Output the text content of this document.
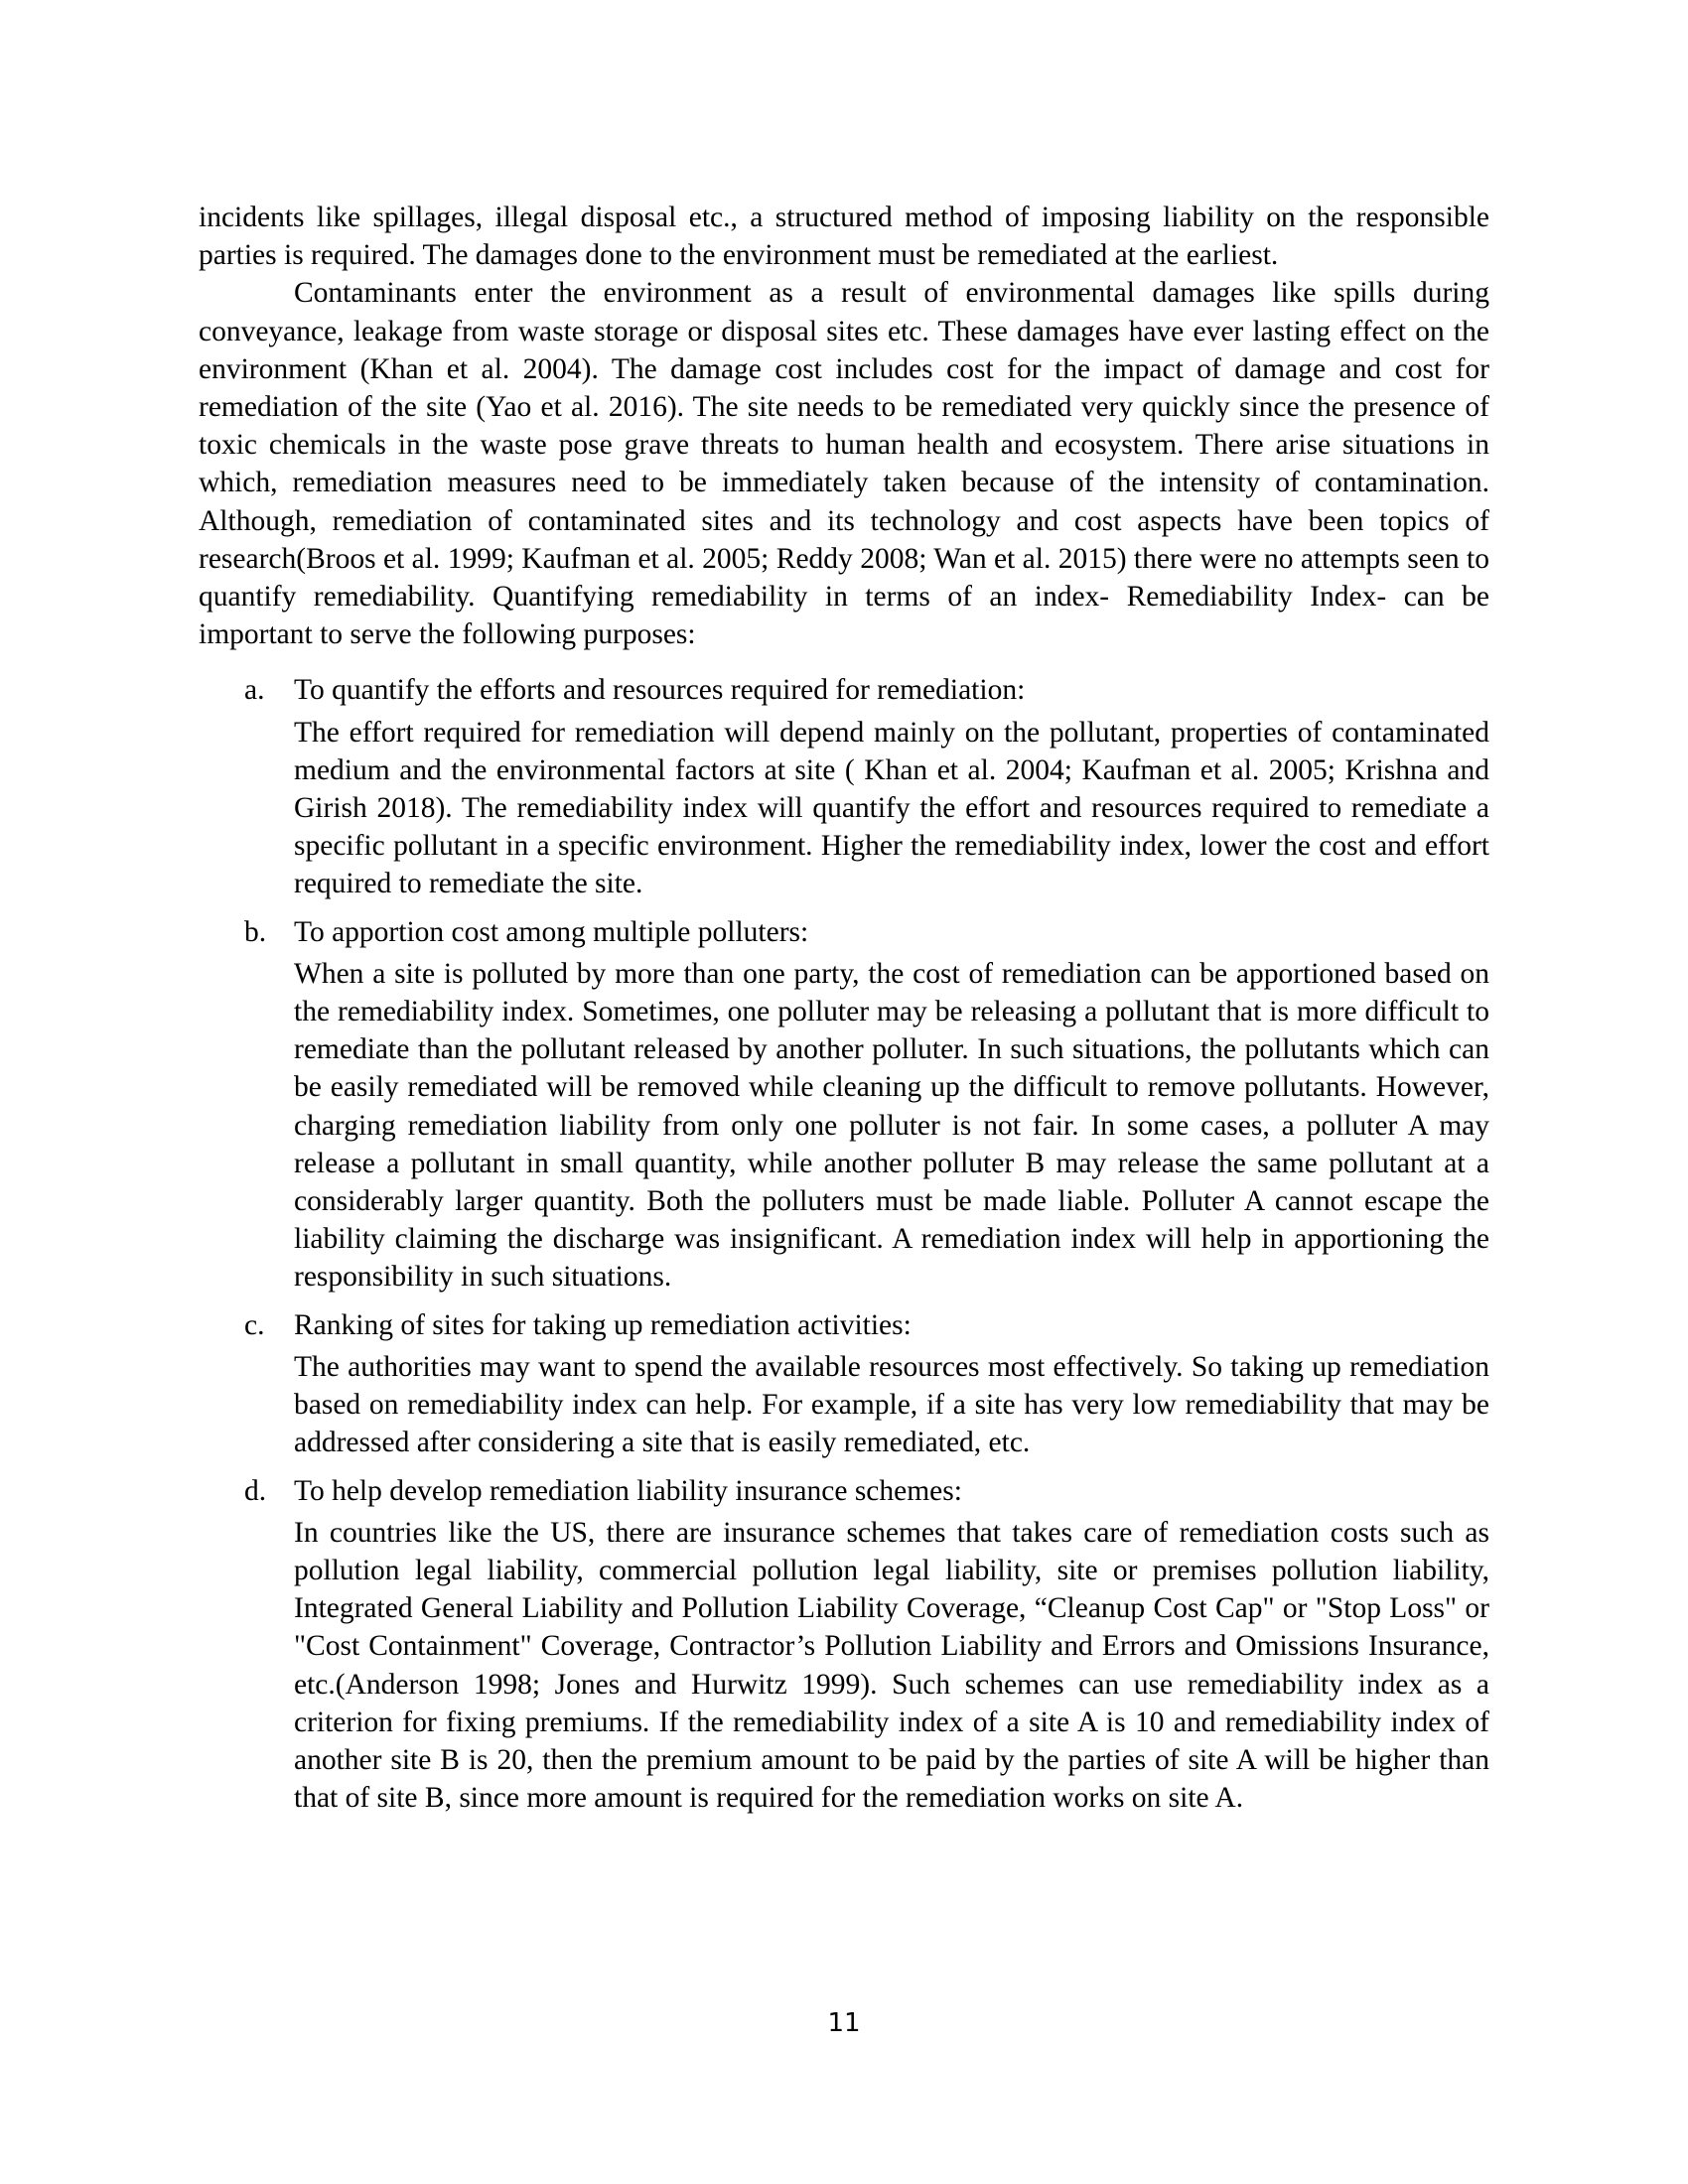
incidents like spillages, illegal disposal etc., a structured method of imposing liability on the responsible parties is required. The damages done to the environment must be remediated at the earliest.

Contaminants enter the environment as a result of environmental damages like spills during conveyance, leakage from waste storage or disposal sites etc. These damages have ever lasting effect on the environment (Khan et al. 2004). The damage cost includes cost for the impact of damage and cost for remediation of the site (Yao et al. 2016). The site needs to be remediated very quickly since the presence of toxic chemicals in the waste pose grave threats to human health and ecosystem. There arise situations in which, remediation measures need to be immediately taken because of the intensity of contamination. Although, remediation of contaminated sites and its technology and cost aspects have been topics of research(Broos et al. 1999; Kaufman et al. 2005; Reddy 2008; Wan et al. 2015) there were no attempts seen to quantify remediability. Quantifying remediability in terms of an index- Remediability Index- can be important to serve the following purposes:

a. To quantify the efforts and resources required for remediation:

The effort required for remediation will depend mainly on the pollutant, properties of contaminated medium and the environmental factors at site ( Khan et al. 2004; Kaufman et al. 2005; Krishna and Girish 2018). The remediability index will quantify the effort and resources required to remediate a specific pollutant in a specific environment. Higher the remediability index, lower the cost and effort required to remediate the site.

b. To apportion cost among multiple polluters:

When a site is polluted by more than one party, the cost of remediation can be apportioned based on the remediability index. Sometimes, one polluter may be releasing a pollutant that is more difficult to remediate than the pollutant released by another polluter. In such situations, the pollutants which can be easily remediated will be removed while cleaning up the difficult to remove pollutants. However, charging remediation liability from only one polluter is not fair. In some cases, a polluter A may release a pollutant in small quantity, while another polluter B may release the same pollutant at a considerably larger quantity. Both the polluters must be made liable. Polluter A cannot escape the liability claiming the discharge was insignificant. A remediation index will help in apportioning the responsibility in such situations.

c. Ranking of sites for taking up remediation activities:

The authorities may want to spend the available resources most effectively. So taking up remediation based on remediability index can help. For example, if a site has very low remediability that may be addressed after considering a site that is easily remediated, etc.

d. To help develop remediation liability insurance schemes:

In countries like the US, there are insurance schemes that takes care of remediation costs such as pollution legal liability, commercial pollution legal liability, site or premises pollution liability, Integrated General Liability and Pollution Liability Coverage, “Cleanup Cost Cap" or "Stop Loss" or "Cost Containment" Coverage, Contractor’s Pollution Liability and Errors and Omissions Insurance, etc.(Anderson 1998; Jones and Hurwitz 1999). Such schemes can use remediability index as a criterion for fixing premiums. If the remediability index of a site A is 10 and remediability index of another site B is 20, then the premium amount to be paid by the parties of site A will be higher than that of site B, since more amount is required for the remediation works on site A.

11
